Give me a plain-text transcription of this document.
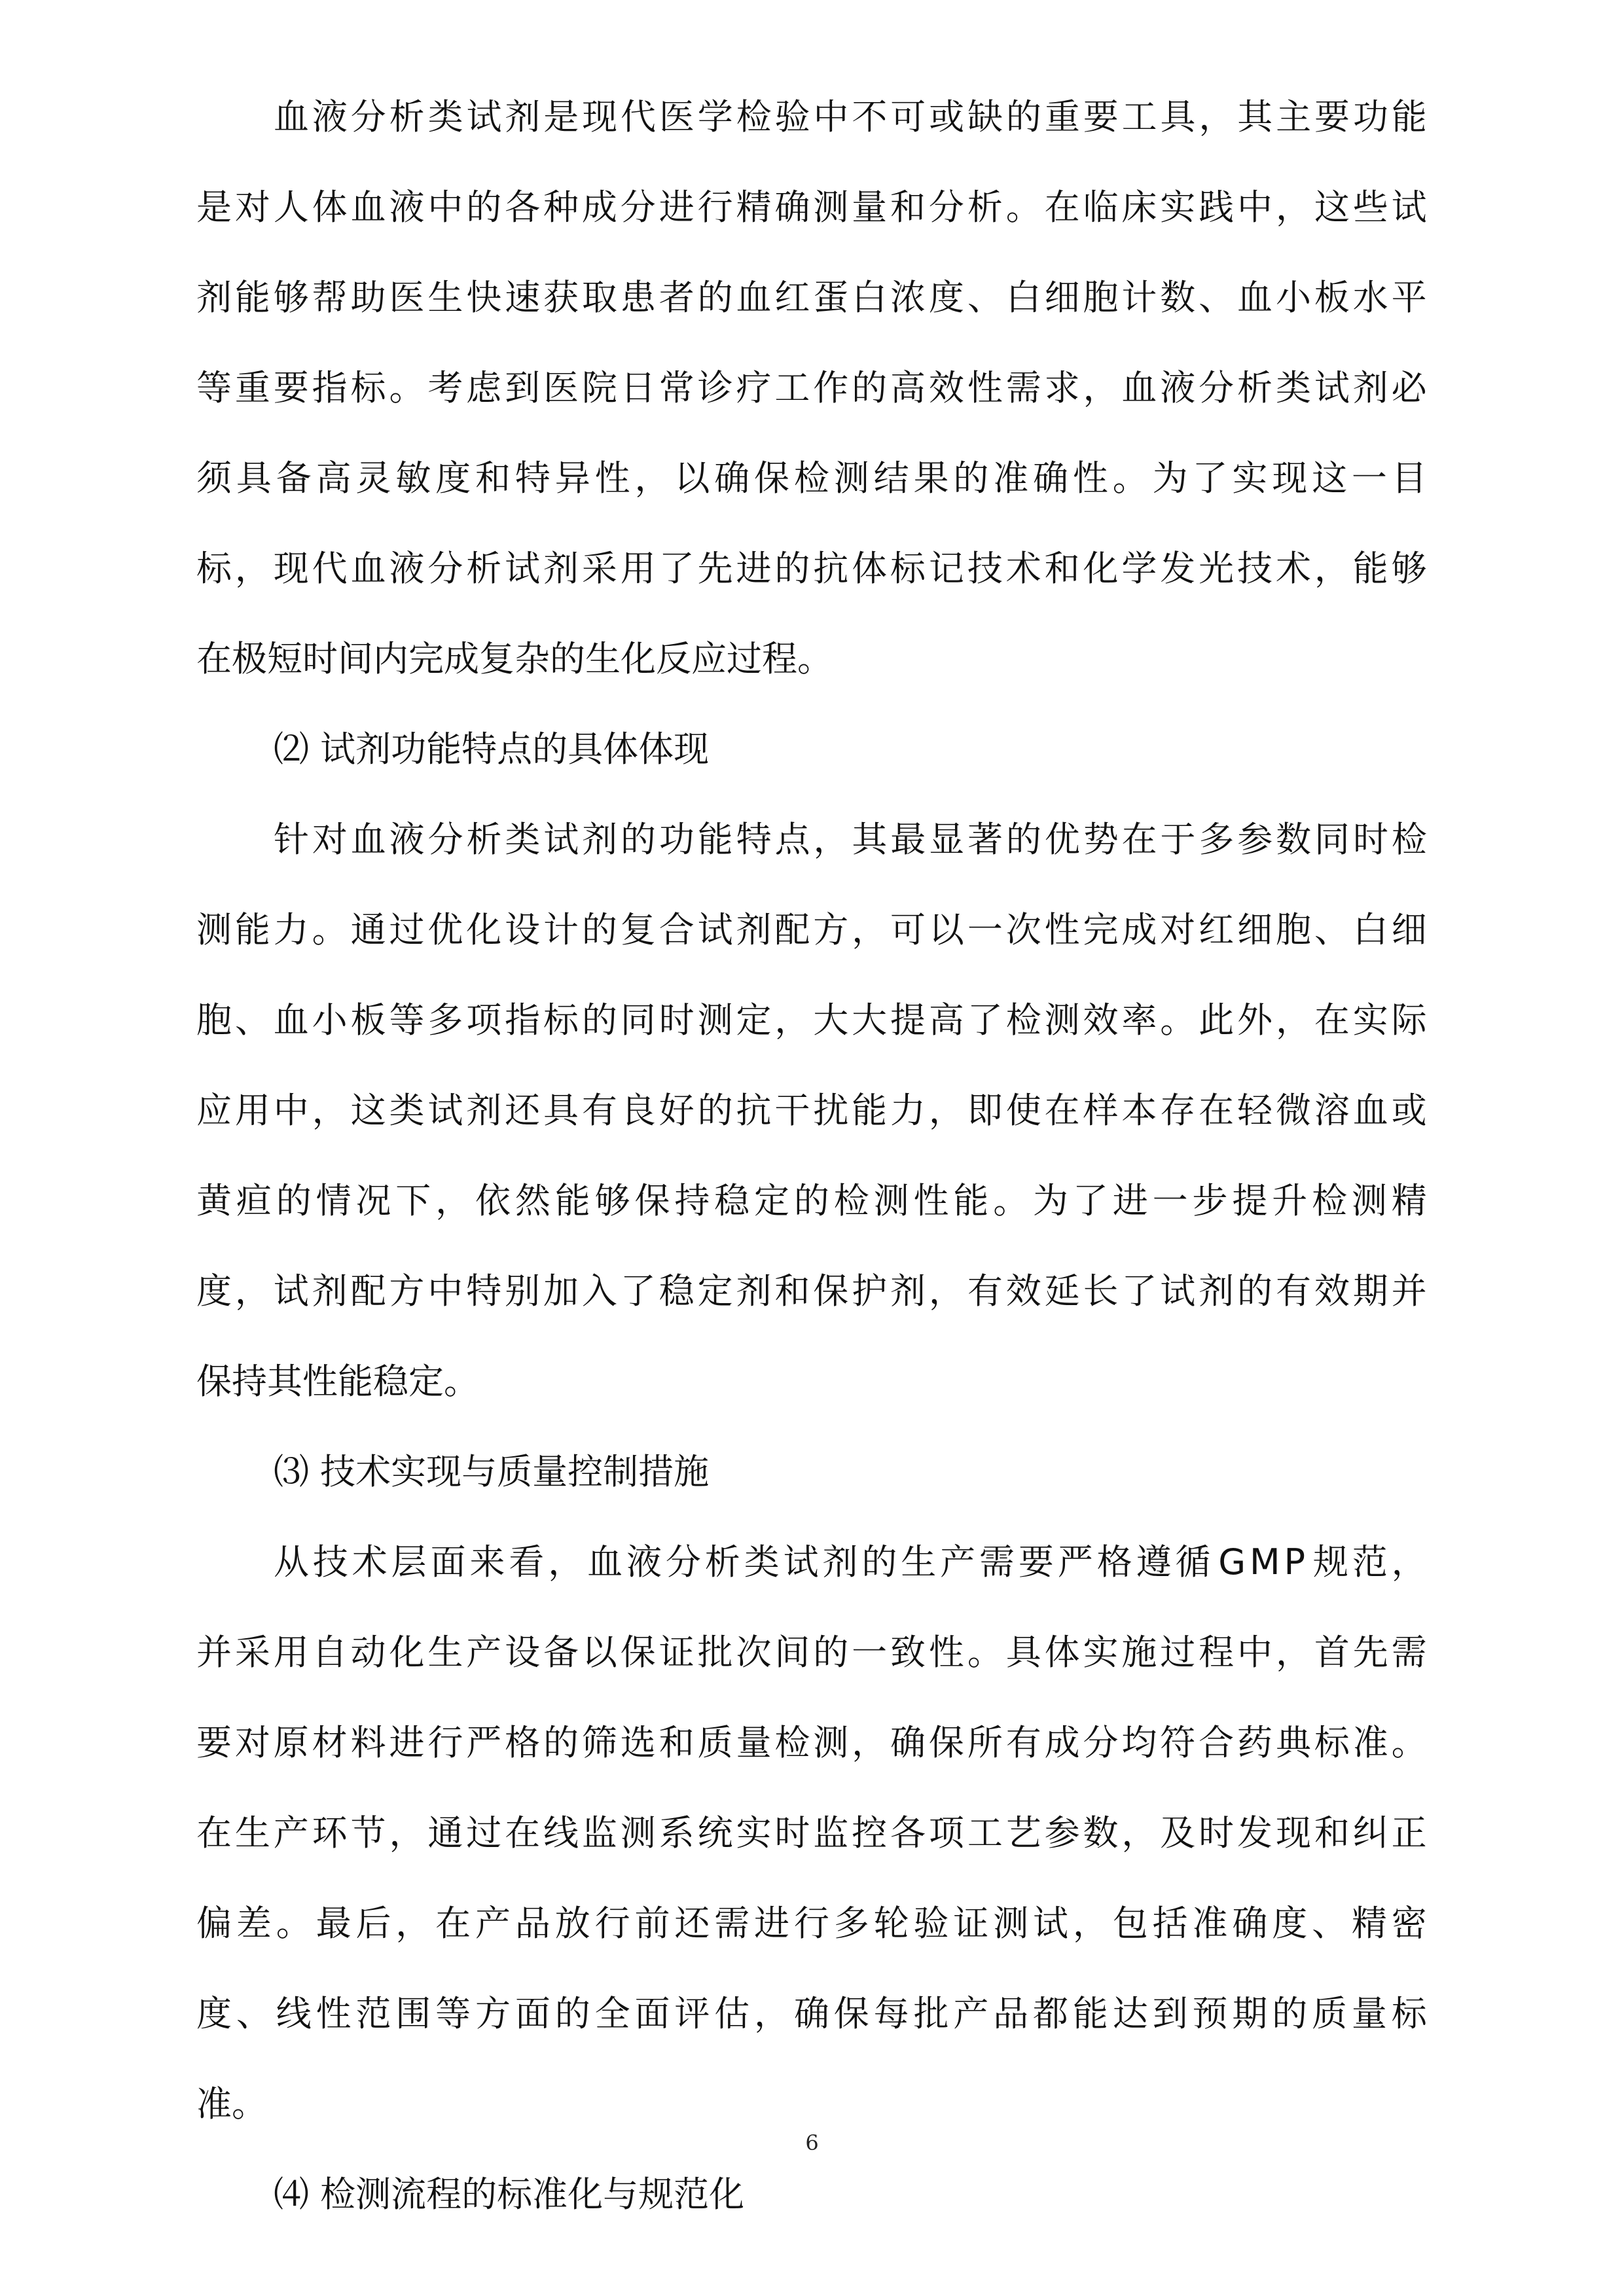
血 液 分 析 类 试 剂 是 现 代 医 学 检 验 中 不 可 或 缺 的 重 要 工 具 ， 其 主 要 功 能
是 对 人 体 血 液 中 的 各 种 成 分 进 行 精 确 测 量 和 分 析 。 在 临 床 实 践 中 ， 这 些 试
剂 能 够 帮 助 医 生 快 速 获 取 患 者 的 血 红 蛋 白 浓 度 、 白 细 胞 计 数 、 血 小 板 水 平
等 重 要 指 标 。 考 虑 到 医 院 日 常 诊 疗 工 作 的 高 效 性 需 求 ， 血 液 分 析 类 试 剂 必
须 具 备 高 灵 敏 度 和 特 异 性 ， 以 确 保 检 测 结 果 的 准 确 性 。 为 了 实 现 这 一 目
标 ， 现 代 血 液 分 析 试 剂 采 用 了 先 进 的 抗 体 标 记 技 术 和 化 学 发 光 技 术 ， 能 够
在极短时间内完成复杂的生化反应过程。
⑵ 试剂功能特点的具体体现
针 对 血 液 分 析 类 试 剂 的 功 能 特 点 ， 其 最 显 著 的 优 势 在 于 多 参 数 同 时 检
测 能 力 。 通 过 优 化 设 计 的 复 合 试 剂 配 方 ， 可 以 一 次 性 完 成 对 红 细 胞 、 白 细
胞 、 血 小 板 等 多 项 指 标 的 同 时 测 定 ， 大 大 提 高 了 检 测 效 率 。 此 外 ， 在 实 际
应 用 中 ， 这 类 试 剂 还 具 有 良 好 的 抗 干 扰 能 力 ， 即 使 在 样 本 存 在 轻 微 溶 血 或
黄 疸 的 情 况 下 ， 依 然 能 够 保 持 稳 定 的 检 测 性 能 。 为 了 进 一 步 提 升 检 测 精
度 ， 试 剂 配 方 中 特 别 加 入 了 稳 定 剂 和 保 护 剂 ， 有 效 延 长 了 试 剂 的 有 效 期 并
保持其性能稳定。
⑶ 技术实现与质量控制措施
从 技 术 层 面 来 看 ， 血 液 分 析 类 试 剂 的 生 产 需 要 严 格 遵 循 G M P 规 范 ，
并 采 用 自 动 化 生 产 设 备 以 保 证 批 次 间 的 一 致 性 。 具 体 实 施 过 程 中 ， 首 先 需
要 对 原 材 料 进 行 严 格 的 筛 选 和 质 量 检 测 ， 确 保 所 有 成 分 均 符 合 药 典 标 准 。
在 生 产 环 节 ， 通 过 在 线 监 测 系 统 实 时 监 控 各 项 工 艺 参 数 ， 及 时 发 现 和 纠 正
偏 差 。 最 后 ， 在 产 品 放 行 前 还 需 进 行 多 轮 验 证 测 试 ， 包 括 准 确 度 、 精 密
度 、 线 性 范 围 等 方 面 的 全 面 评 估 ， 确 保 每 批 产 品 都 能 达 到 预 期 的 质 量 标
准。
⑷ 检测流程的标准化与规范化
6
